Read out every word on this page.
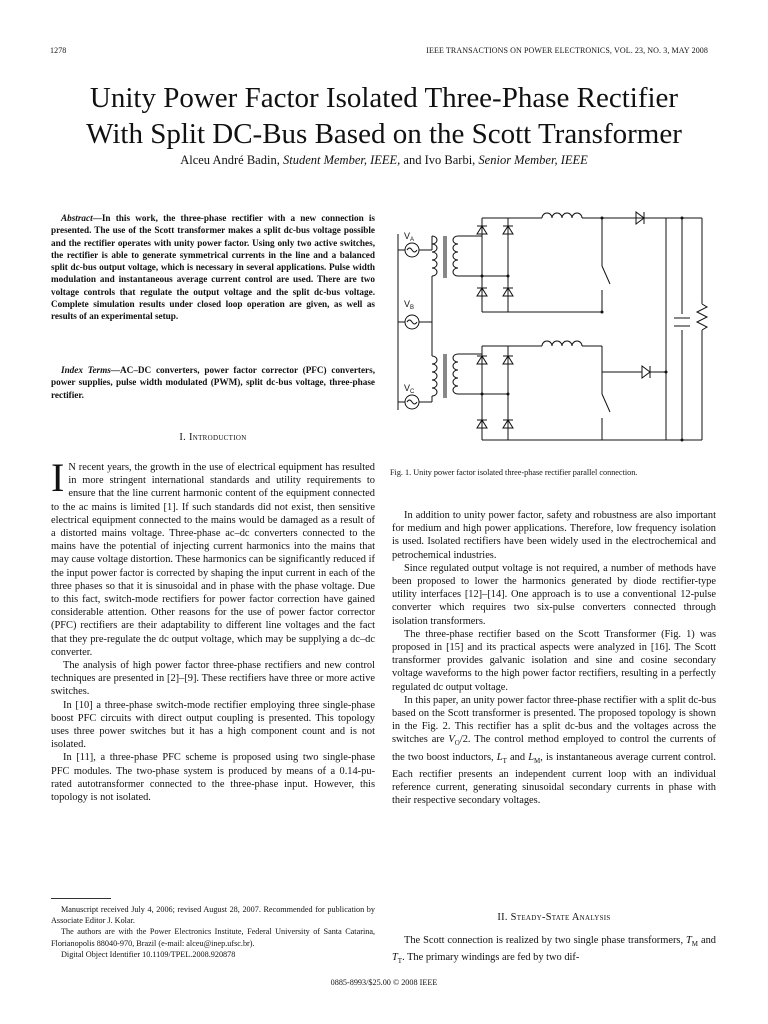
1278	IEEE TRANSACTIONS ON POWER ELECTRONICS, VOL. 23, NO. 3, MAY 2008
Unity Power Factor Isolated Three-Phase Rectifier
With Split DC-Bus Based on the Scott Transformer
Alceu André Badin, Student Member, IEEE, and Ivo Barbi, Senior Member, IEEE
Abstract—In this work, the three-phase rectifier with a new connection is presented. The use of the Scott transformer makes a split dc-bus voltage possible and the rectifier operates with unity power factor. Using only two active switches, the rectifier is able to generate symmetrical currents in the line and a balanced split dc-bus output voltage, which is necessary in several applications. Pulse width modulation and instantaneous average current control are used. There are two voltage controls that regulate the output voltage and the split dc-bus voltage. Complete simulation results under closed loop operation are given, as well as results of an experimental setup.
Index Terms—AC–DC converters, power factor corrector (PFC) converters, power supplies, pulse width modulated (PWM), split dc-bus voltage, three-phase rectifier.
I. Introduction

I N recent years, the growth in the use of electrical equipment has resulted in more stringent international standards and utility requirements to ensure that the line current harmonic content of the equipment connected to the ac mains is limited [1]. If such standards did not exist, then sensitive electrical equipment connected to the mains would be damaged as a result of a distorted mains voltage. Three-phase ac–dc converters connected to the mains have the potential of injecting current harmonics into the mains that may cause voltage distortion. These harmonics can be significantly reduced if the input power factor is corrected by shaping the input current in each of the three phases so that it is sinusoidal and in phase with the phase voltage. Due to this fact, switch-mode rectifiers for power factor correction have gained considerable attention. Other reasons for the use of power factor corrector (PFC) rectifiers are their adaptability to different line voltages and the fact that they pre-regulate the dc output voltage, which may be supplying a dc–dc converter.

The analysis of high power factor three-phase rectifiers and new control techniques are presented in [2]–[9]. These rectifiers have three or more active switches.

In [10] a three-phase switch-mode rectifier employing three single-phase boost PFC circuits with direct output coupling is presented. This topology uses three power switches but it has a high component count and is not isolated.

In [11], a three-phase PFC scheme is proposed using two single-phase PFC modules. The two-phase system is produced by means of a 0.14-pu-rated autotransformer connected to the three-phase input. However, this topology is not isolated.

Manuscript received July 4, 2006; revised August 28, 2007. Recommended for publication by Associate Editor J. Kolar.

The authors are with the Power Electronics Institute, Federal University of Santa Catarina, Florianopolis 88040-970, Brazil (e-mail: alceu@inep.ufsc.br).

Digital Object Identifier 10.1109/TPEL.2008.920878

$V_A$
$V_B$
$V_C$
Fig. 1. Unity power factor isolated three-phase rectifier parallel connection.

In addition to unity power factor, safety and robustness are also important for medium and high power applications. Therefore, low frequency isolation is used. Isolated rectifiers have been widely used in the electrochemical and petrochemical industries.

Since regulated output voltage is not required, a number of methods have been proposed to lower the harmonics generated by diode rectifier-type utility interfaces [12]–[14]. One approach is to use a conventional 12-pulse converter which requires two six-pulse converters connected through isolation transformers.

The three-phase rectifier based on the Scott Transformer (Fig. 1) was proposed in [15] and its practical aspects were analyzed in [16]. The Scott transformer provides galvanic isolation and sine and cosine secondary voltage waveforms to the high power factor rectifiers, resulting in a perfectly regulated dc output voltage.

In this paper, an unity power factor three-phase rectifier with a split dc-bus based on the Scott transformer is presented. The proposed topology is shown in the Fig. 2. This rectifier has a split dc-bus and the voltages across the switches are $V_O/2$. The control method employed to control the currents of the two boost inductors, $L_T$ and $L_M$, is instantaneous average current control. Each rectifier presents an independent current loop with an individual reference current, generating sinusoidal secondary currents in phase with their respective secondary voltages.

II. Steady-State Analysis

The Scott connection is realized by two single phase transformers, $T_M$ and $T_T$. The primary windings are fed by two dif-

0885-8993/$25.00 © 2008 IEEE
